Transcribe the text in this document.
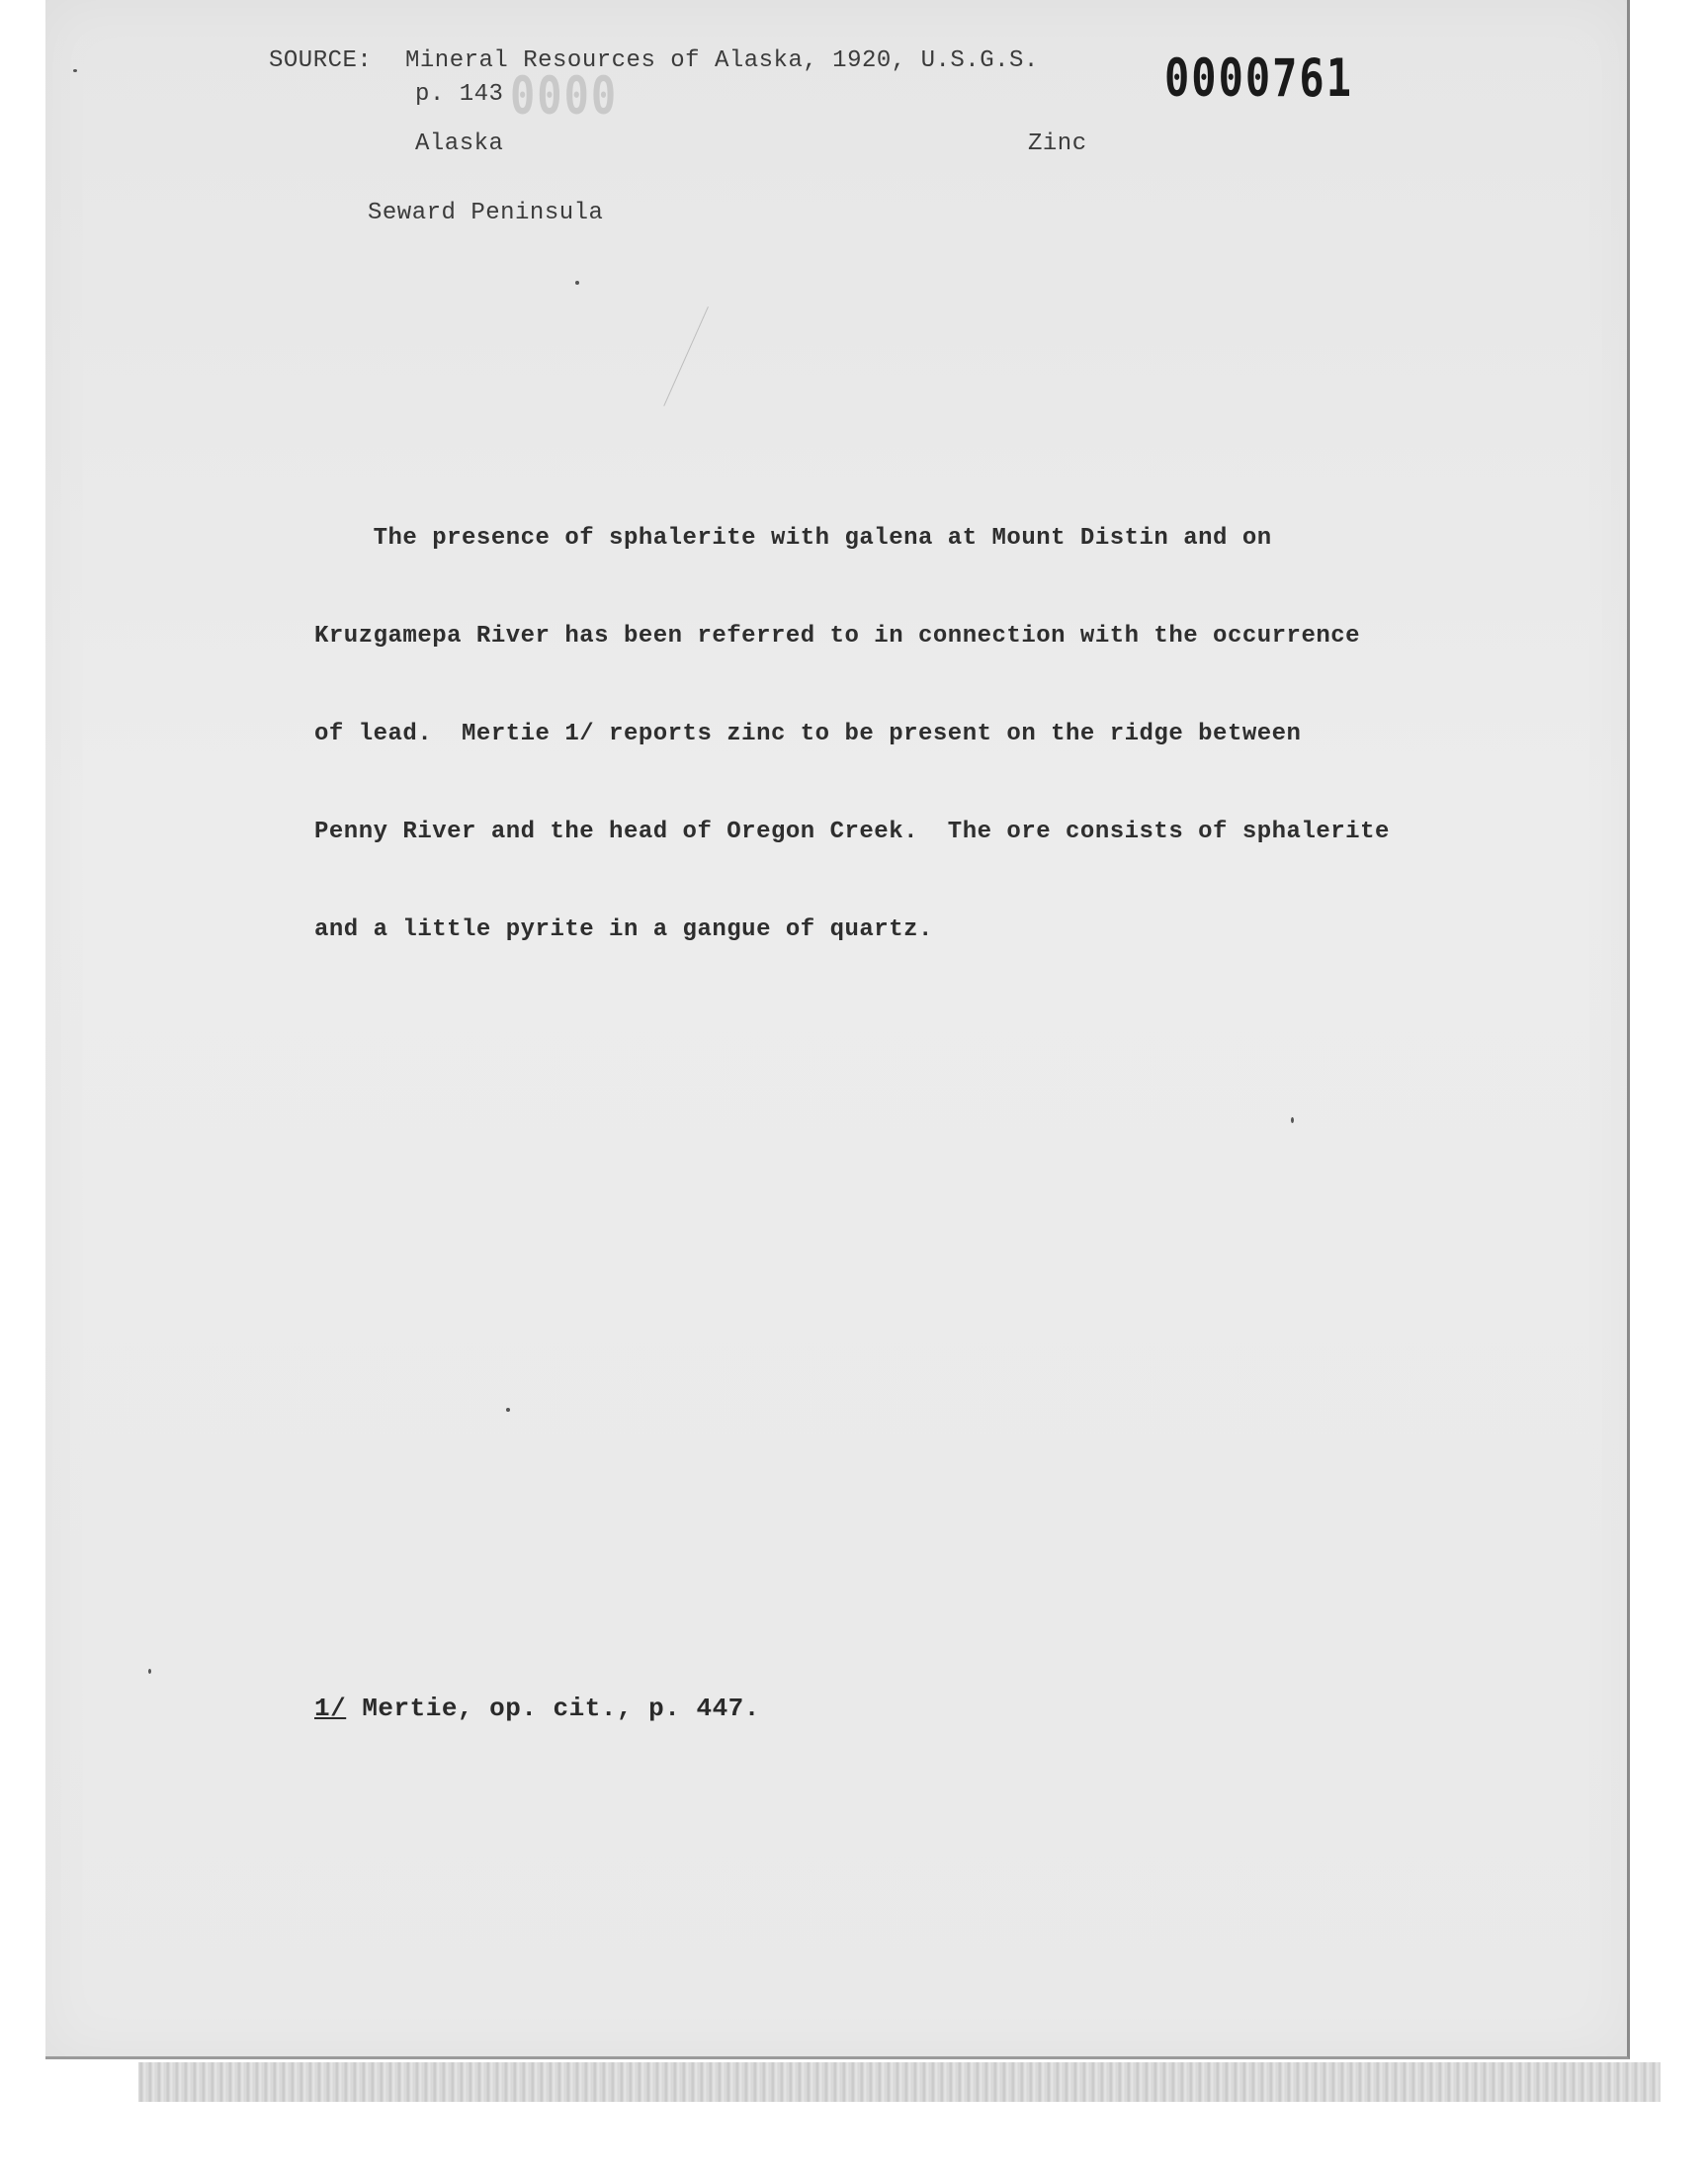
SOURCE: Mineral Resources of Alaska, 1920, U.S.G.S.
p. 143 0000	0000761
Alaska	Zinc
Seward Peninsula

The presence of sphalerite with galena at Mount Distin and on

Kruzgamepa River has been referred to in connection with the occurrence

of lead.  Mertie 1/ reports zinc to be present on the ridge between

Penny River and the head of Oregon Creek.  The ore consists of sphalerite

and a little pyrite in a gangue of quartz.

1/ Mertie, op. cit., p. 447.
